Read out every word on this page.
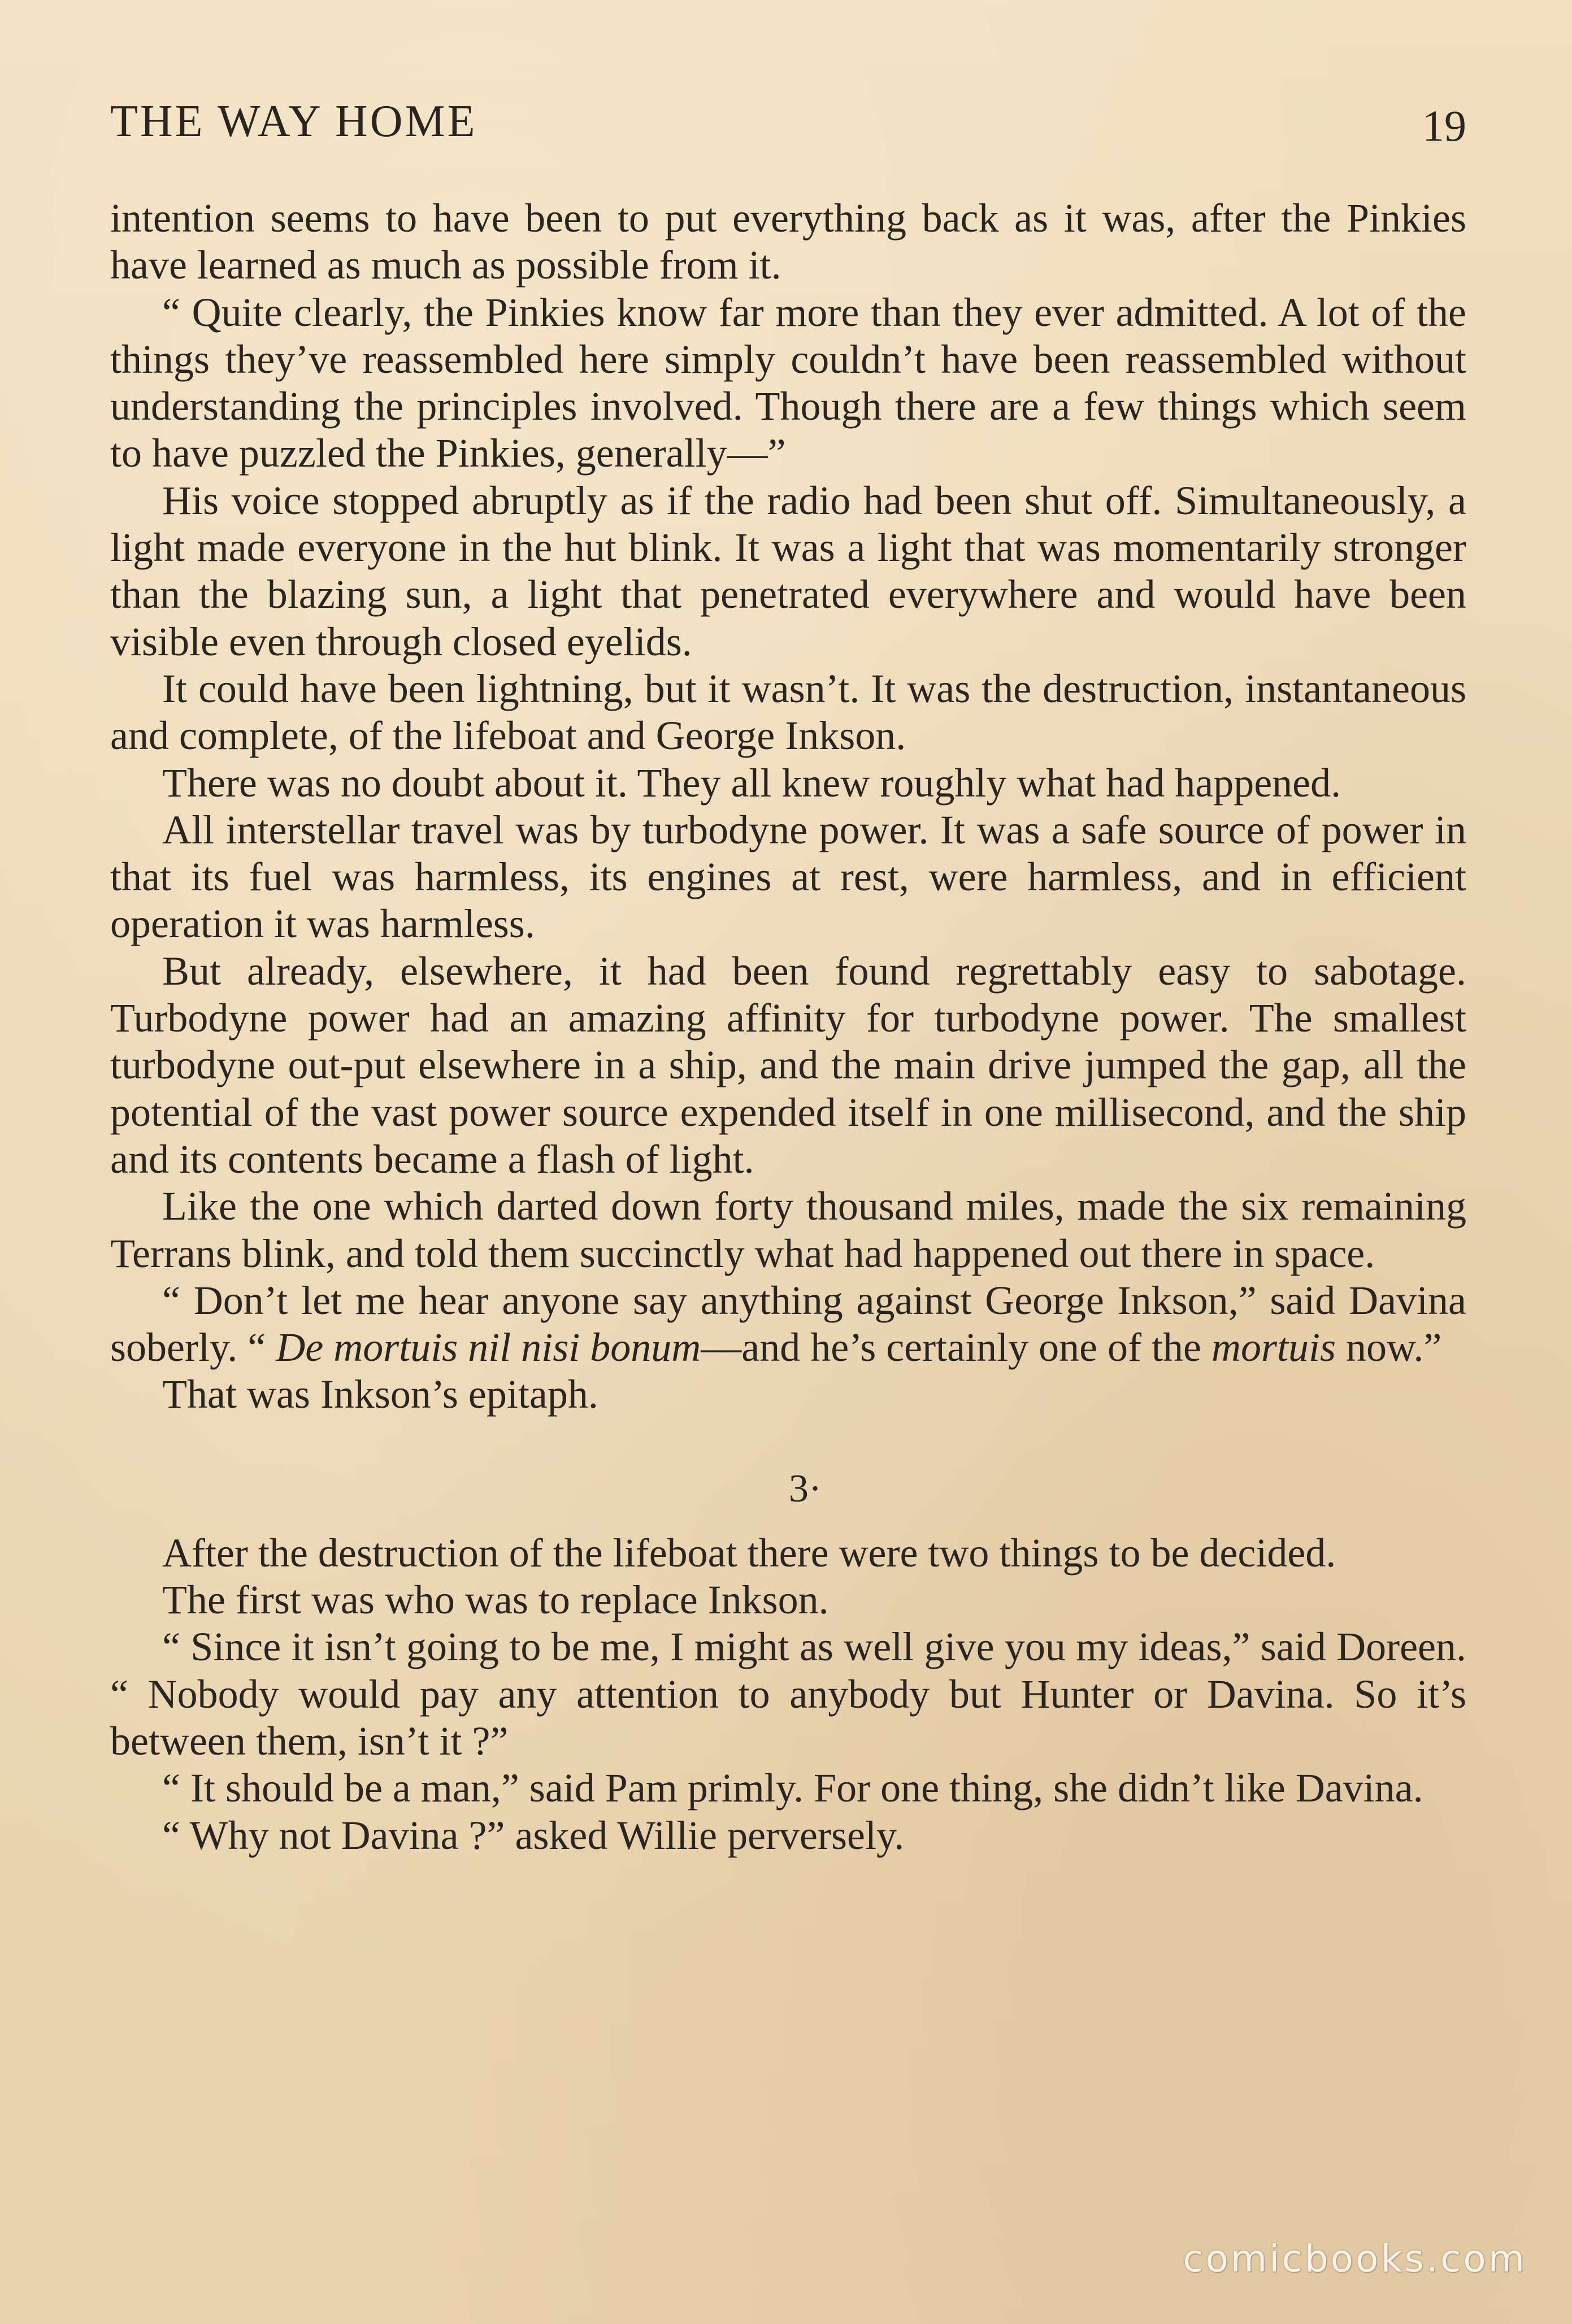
THE WAY HOME	19

intention seems to have been to put everything back as it was, after the Pinkies have learned as much as possible from it.

“ Quite clearly, the Pinkies know far more than they ever admitted. A lot of the things they’ve reassembled here simply couldn’t have been reassembled without understanding the principles involved. Though there are a few things which seem to have puzzled the Pinkies, generally—”

His voice stopped abruptly as if the radio had been shut off. Simultaneously, a light made everyone in the hut blink. It was a light that was momentarily stronger than the blazing sun, a light that penetrated everywhere and would have been visible even through closed eyelids.

It could have been lightning, but it wasn’t. It was the destruction, instantaneous and complete, of the lifeboat and George Inkson.

There was no doubt about it. They all knew roughly what had happened.

All interstellar travel was by turbodyne power. It was a safe source of power in that its fuel was harmless, its engines at rest, were harmless, and in efficient operation it was harmless.

But already, elsewhere, it had been found regrettably easy to sabotage. Turbodyne power had an amazing affinity for turbodyne power. The smallest turbodyne out-put elsewhere in a ship, and the main drive jumped the gap, all the potential of the vast power source expended itself in one millisecond, and the ship and its contents became a flash of light.

Like the one which darted down forty thousand miles, made the six remaining Terrans blink, and told them succinctly what had happened out there in space.

“ Don’t let me hear anyone say anything against George Inkson,” said Davina soberly. “ De mortuis nil nisi bonum—and he’s certainly one of the mortuis now.”

That was Inkson’s epitaph.

3·

After the destruction of the lifeboat there were two things to be decided.

The first was who was to replace Inkson.

“ Since it isn’t going to be me, I might as well give you my ideas,” said Doreen. “ Nobody would pay any attention to anybody but Hunter or Davina. So it’s between them, isn’t it ?”

“ It should be a man,” said Pam primly. For one thing, she didn’t like Davina.

“ Why not Davina ?” asked Willie perversely.

comicbooks.com
